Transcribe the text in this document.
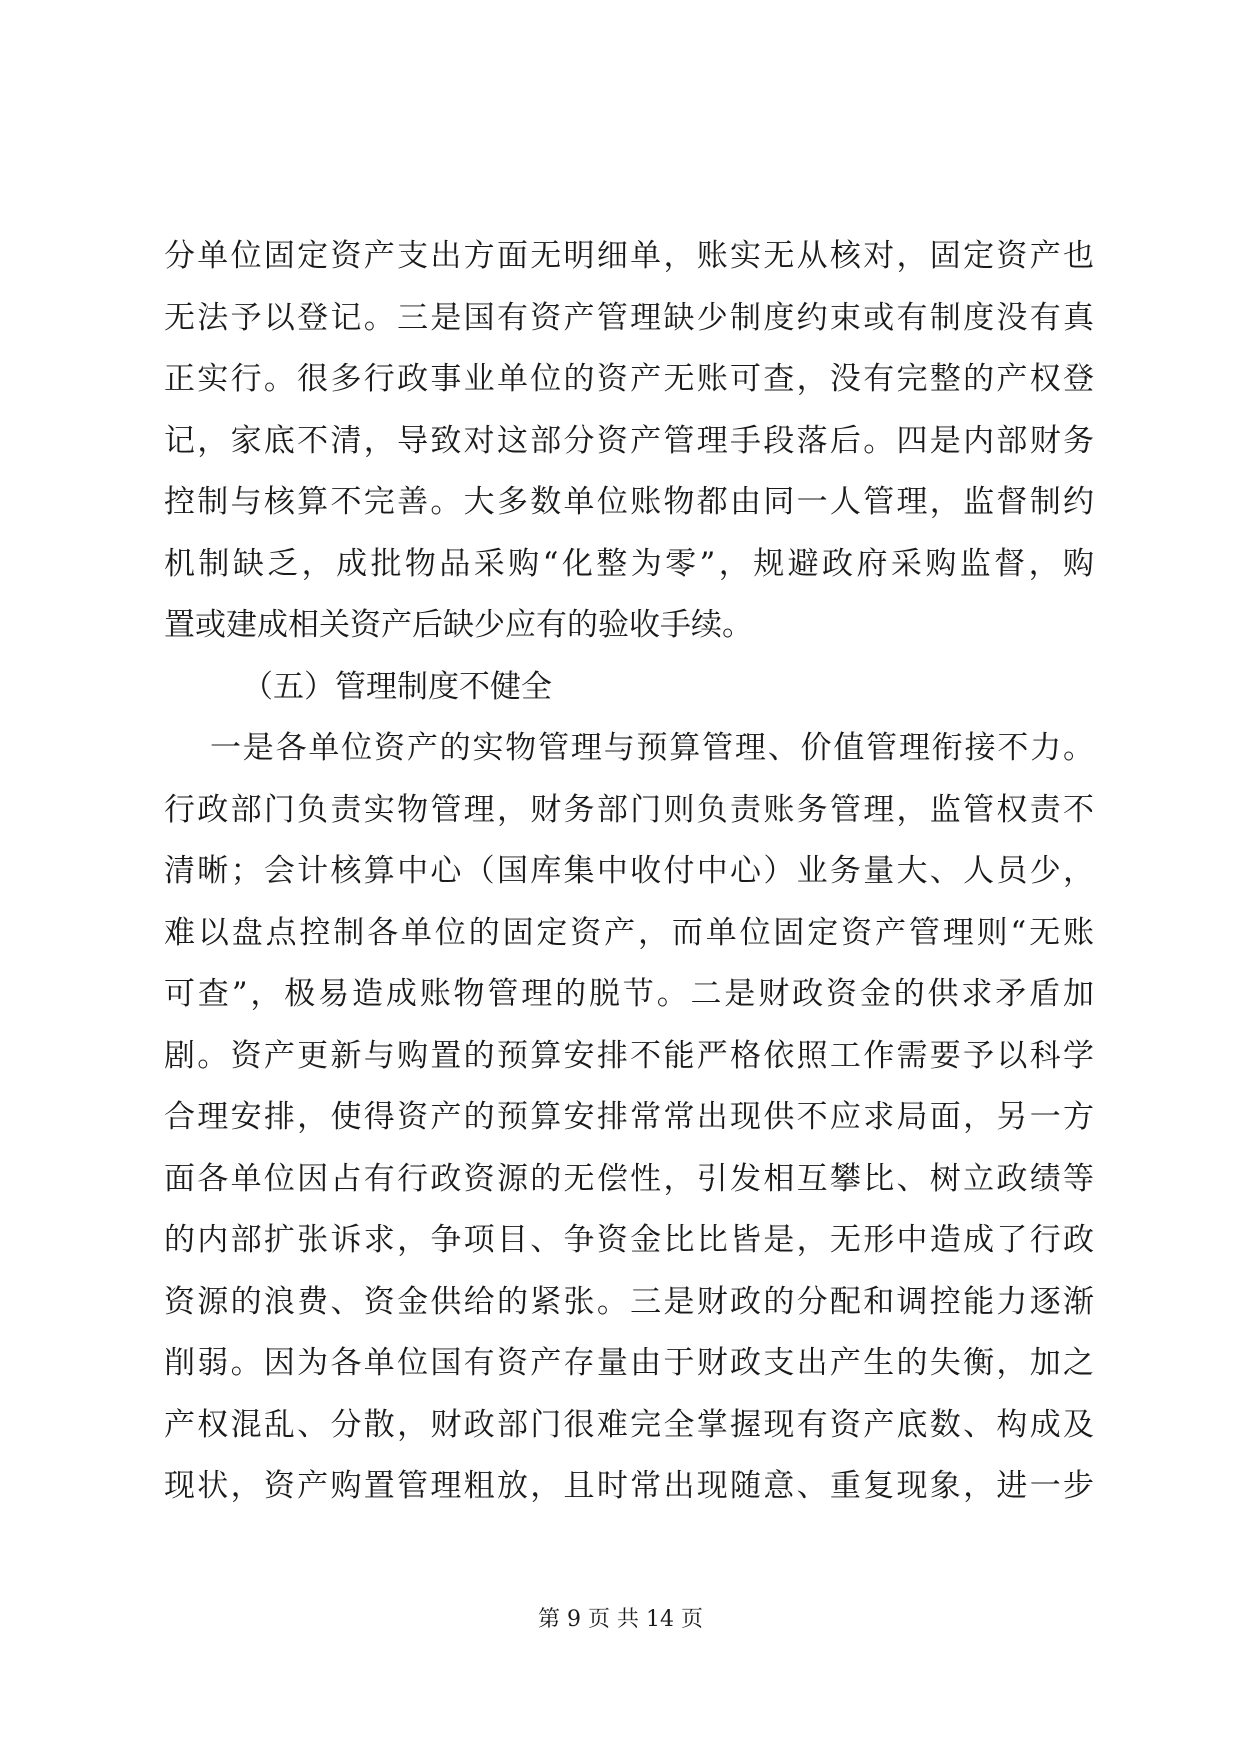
分单位固定资产支出方面无明细单，账实无从核对，固定资产也
无法予以登记。三是国有资产管理缺少制度约束或有制度没有真
正实行。很多行政事业单位的资产无账可查，没有完整的产权登
记，家底不清，导致对这部分资产管理手段落后。四是内部财务
控制与核算不完善。大多数单位账物都由同一人管理，监督制约
机制缺乏，成批物品采购“化整为零”，规避政府采购监督，购
置或建成相关资产后缺少应有的验收手续。
（五）管理制度不健全
一是各单位资产的实物管理与预算管理、价值管理衔接不力。
行政部门负责实物管理，财务部门则负责账务管理，监管权责不
清晰；会计核算中心（国库集中收付中心）业务量大、人员少，
难以盘点控制各单位的固定资产，而单位固定资产管理则“无账
可查”，极易造成账物管理的脱节。二是财政资金的供求矛盾加
剧。资产更新与购置的预算安排不能严格依照工作需要予以科学
合理安排，使得资产的预算安排常常出现供不应求局面，另一方
面各单位因占有行政资源的无偿性，引发相互攀比、树立政绩等
的内部扩张诉求，争项目、争资金比比皆是，无形中造成了行政
资源的浪费、资金供给的紧张。三是财政的分配和调控能力逐渐
削弱。因为各单位国有资产存量由于财政支出产生的失衡，加之
产权混乱、分散，财政部门很难完全掌握现有资产底数、构成及
现状，资产购置管理粗放，且时常出现随意、重复现象，进一步
第 9 页 共 14 页
